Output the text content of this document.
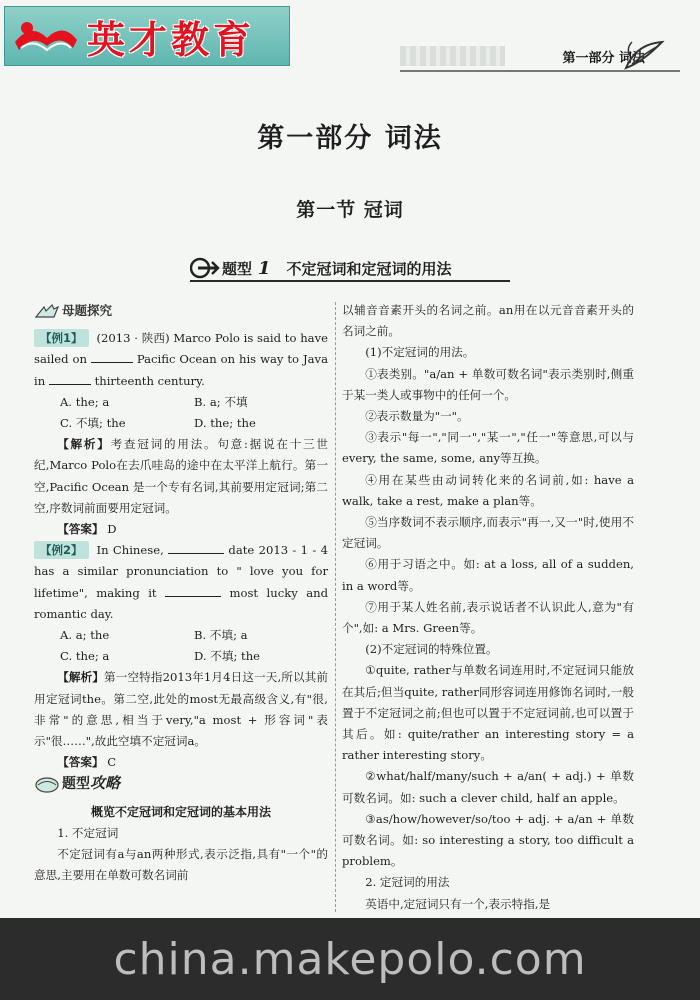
英才教育	第一部分 词法
第一部分 词法
第一节 冠词
题型 1 不定冠词和定冠词的用法
母题探究
【例1】 (2013 · 陕西) Marco Polo is said to have sailed on	Pacific Ocean on his way to Java in	thirteenth century.
A. the; a	B. a; 不填
C. 不填; the	D. the; the
【解析】考查冠词的用法。句意:据说在十三世纪,Marco Polo在去爪哇岛的途中在太平洋上航行。第一空,Pacific Ocean 是一个专有名词,其前要用定冠词;第二空,序数词前面要用定冠词。
【答案】 D
【例2】 In Chinese,	date 2013 - 1 - 4 has a similar pronunciation to " love you for lifetime", making it	most lucky and romantic day.
A. a; the	B. 不填; a
C. the; a	D. 不填; the
【解析】第一空特指2013年1月4日这一天,所以其前用定冠词the。第二空,此处的most无最高级含义,有"很,非常"的意思,相当于very,"a most + 形容词"表示"很……",故此空填不定冠词a。
【答案】 C
题型攻略
概览不定冠词和定冠词的基本用法
1. 不定冠词
不定冠词有a与an两种形式,表示泛指,具有"一个"的意思,主要用在单数可数名词前
以辅音音素开头的名词之前。an用在以元音音素开头的名词之前。
(1)不定冠词的用法。
①表类别。"a/an + 单数可数名词"表示类别时,侧重于某一类人或事物中的任何一个。
②表示数量为"一"。
③表示"每一","同一","某一","任一"等意思,可以与every, the same, some, any等互换。
④用在某些由动词转化来的名词前,如: have a walk, take a rest, make a plan等。
⑤当序数词不表示顺序,而表示"再一,又一"时,使用不定冠词。
⑥用于习语之中。如: at a loss, all of a sudden, in a word等。
⑦用于某人姓名前,表示说话者不认识此人,意为"有个",如: a Mrs. Green等。
(2)不定冠词的特殊位置。
①quite, rather与单数名词连用时,不定冠词只能放在其后;但当quite, rather同形容词连用修饰名词时,一般置于不定冠词之前;但也可以置于不定冠词前,也可以置于其后。如: quite/rather an interesting story = a rather interesting story。
②what/half/many/such + a/an( + adj.) + 单数可数名词。如: such a clever child, half an apple。
③as/how/however/so/too + adj. + a/an + 单数可数名词。如: so interesting a story, too difficult a problem。
2. 定冠词的用法
英语中,定冠词只有一个,表示特指,是
china.makepolo.com
